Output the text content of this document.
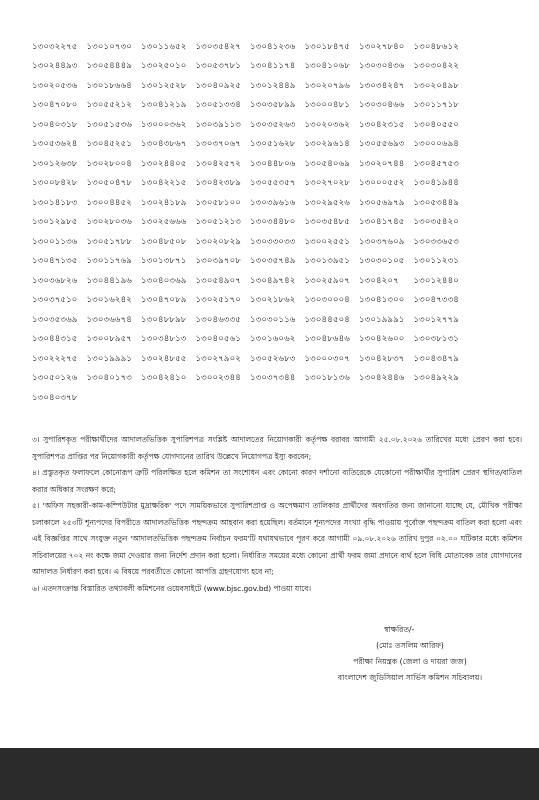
১৩০৩২২৭৫	১৩০১০৭৩০	১৩০১১৬৫২	১৩০৩৫৪২৭	১৩০৪১২৩৬	১৩০১৮৪৭৫	১৩০২৭৮৪০	১৩০৪৮৬১২
১৩০২৪৪৯৩	১৩০৫৪৪৪৯	১৩০২৫০১০	১৩০৫৩৭৮১	১৩০৪১১৭৪	১৩০৪১০৬৮	১৩০৩০৪৩৬	১৩০৩০৪২২
১৩০২০৫৩৬	১৩০১৮৬৬৪	১৩০১২৫২৮	১৩০৪০৯২৫	১৩০১২৪৪৯	১৩০২০৭৯৬	১৩০৩৪২৪৭	১৩০২০৪৯৮
১৩০৪৭০৮০	১৩০৫৫২১২	১৩০৪১২১৯	১৩০৫১৩৩৪	১৩০৩৫৮৯৯	১৩০০০৪৮১	১৩০৩০৪৬৬	১৩০১১৭১৮
১৩০৪০৩১৮	১৩০৫১৫৩৬	১৩০০০৩৬২	১৩০৩৯১১৩	১৩০৩৫২৬৩	১৩০২০৩৬২	১৩০৪২৩১৫	১৩০৪০৫৫০
১৩০৫৩৬২৪	১৩০৪৫২৫১	১৩০৪৩৮৬৭	১৩০৩৭০৬৭	১৩০৫১৬২৮	১৩০২৯৬১৪	১৩০৫৫৬৯৩	১৩০০০৬৯৪
১৩০১২৬৩৮	১৩০২৮০০৪	১৩০২৪৪০৫	১৩০৪২৫৭২	১৩০৪৪৮০৬	১৩০৫৪০৬৯	১৩০২০৭৪৪	১৩০৪৫৭৫৩
১৩০০৮৪২৮	১৩০৫০৪৭৮	১৩০৪২২১৫	১৩০৪২৩৮৯	১৩০৫৫৩৫৭	১৩০২৭০২৮	১৩০০০৫৫২	১৩০৪১৯৪৪
১৩০১৪১৮৩	১৩০০৪৪৫২	১৩০২৪১৮৯	১৩০৫৮১০০	১৩০৩৯৬১৬	১৩০২৯৫২৬	১৩০৫৬৯৭৯	১৩০৫৩৪৪৯
১৩০১২৯৮৫	১৩০২৮০৩৬	১৩০২৫৬৬৬	১৩০৫১২১৩	১৩০৩৪৪৮০	১৩০৩৫৪৮৫	১৩০৪১৭৪৫	১৩০৩৫৪২০
১৩০০১১৩৬	১৩০৫১৭৮৮	১৩০৪৮৫০৮	১৩০২০৮২৯	১৩০৩৩০৩৩	১৩০০২৫৫১	১৩০৩৭৬০৯	১৩০৩৩৬৫৩
১৩০৪৭১৩৫	১৩০১১৭৬৯	১৩০১৩৮৭১	১৩০৩৯৭০৮	১৩০৩৫৭৪৯	১৩০১৩৯৫১	১৩০৩০১০৫	১৩০১১২৩১
১৩০৩৬৮২৬	১৩০৪৪১৯৬	১৩০৪০৩৬৯	১৩০৫৪৯০৭	১৩০৪৯৭৪২	১৩০২৫৯০৭	১৩০৪২০৭	১৩০১২৪৪০
১৩০৩৭৫১০	১৩০১৬২৪২	১৩০৪৭০৮৯	১৩০২৫১৭০	১৩০২১৮৬২	১৩০৩০০০৪	১৩০৪১৩০০	১৩০৪৭৩৩৪
১৩০৩৫৩৬৯	১৩০৩৬৬৭৪	১৩০৪৮৮৯৮	১৩০৪৬৩৩৫	১৩০৩০১১৬	১৩০৪৪৫০৪	১৩০১৯৯৯১	১৩০১২৭৭৯
১৩০৪৪৩১৫	১৩০০৮৯৫৭	১৩০৩৪৮১৩	১৩০৪০৫৬১	১৩০১৬০৬২	১৩০৪৮৬৪৬	১৩০৪২৬০০	১৩০৩৮১৩১
১৩০২২২৭৫	১৩০১৯৯৯১	১৩০২৪৮৫৫	১৩০২৭৯০২	১৩০৫২৬৮৩	১৩০০০৩০৭	১৩০৪২৮৩৭	১৩০৪৩৪৭৯
১৩০৫০১২৬	১৩০৪০১৭৩	১৩০৪২৪১০	১৩০০২৩৪৪	১৩০৩৭৩৪৪	১৩০১৮১৩৬	১৩০৪২৪৪৬	১৩০৪৯২২৯
১৩০৪০৩৭৮

৩। সুপারিশকৃত পরীক্ষার্থীদের আদালতভিত্তিক সুপারিশপত্র সংশ্লিষ্ট আদালতের নিয়োগকারী কর্তৃপক্ষ বরাবর আগামী ২৫.০৮.২০২৬ তারিখের মধ্যে প্রেরণ করা হবে। সুপারিশপত্র প্রাপ্তির পর নিয়োগকারী কর্তৃপক্ষ যোগদানের তারিখ উল্লেখে নিয়োগপত্র ইস্যু করবেন;

৪। প্রস্তুতকৃত ফলাফলে কোনোরূপ ত্রুটি পরিলক্ষিত হলে কমিশন তা সংশোধন এবং কোনো কারণ দর্শানো ব্যতিরেকে যেকোনো পরীক্ষার্থীর সুপারিশ প্রেরণ স্থগিত/বাতিল করার অধিকার সংরক্ষণ করে;

৫। 'অফিস সহকারী-কাম-কম্পিউটার মুদ্রাক্ষরিক' পদে সাময়িকভাবে সুপারিশপ্রাপ্ত ও অপেক্ষমাণ তালিকার প্রার্থীদের অবগতির জন্য জানানো যাচ্ছে যে, মৌখিক পরীক্ষা চলাকালে ২৫৩টি শূন্যপদের বিপরীতে আদালতভিত্তিক পছন্দক্রম আহবান করা হয়েছিল। বর্তমানে শূন্যপদের সংখ্যা বৃদ্ধি পাওয়ায় পূর্বোক্ত পছন্দক্রম বাতিল করা হলো এবং এই বিজ্ঞপ্তির সাথে সংযুক্ত নতুন 'আদালতভিত্তিক পছন্দক্রম নির্বাচন ফরম'টি যথাযথভাবে পূরণ করে আগামী ০৯.০৮.২০২৬ তারিখ দুপুর ০২.০০ ঘটিকার মধ্যে কমিশন সচিবালয়ের ৭০২ নং কক্ষে জমা দেওয়ার জন্য নির্দেশ প্রদান করা হলো। নির্ধারিত সময়ের মধ্যে কোনো প্রার্থী ফরম জমা প্রদানে ব্যর্থ হলে বিধি মোতাবেক তার যোগদানের আদালত নির্ধারণ করা হবে। এ বিষয়ে পরবর্তীতে কোনো আপত্তি গ্রহণযোগ্য হবে না;

৬। এতদসংক্রান্ত বিস্তারিত তথ্যাবলী কমিশনের ওয়েবসাইটে (www.bjsc.gov.bd) পাওয়া যাবে।

স্বাক্ষরিত/-
(মোঃ তসলিম আরিফ)
পরীক্ষা নিয়ন্ত্রক (জেলা ও দায়রা জজ)
বাংলাদেশ জুডিসিয়াল সার্ভিস কমিশন সচিবালয়।
